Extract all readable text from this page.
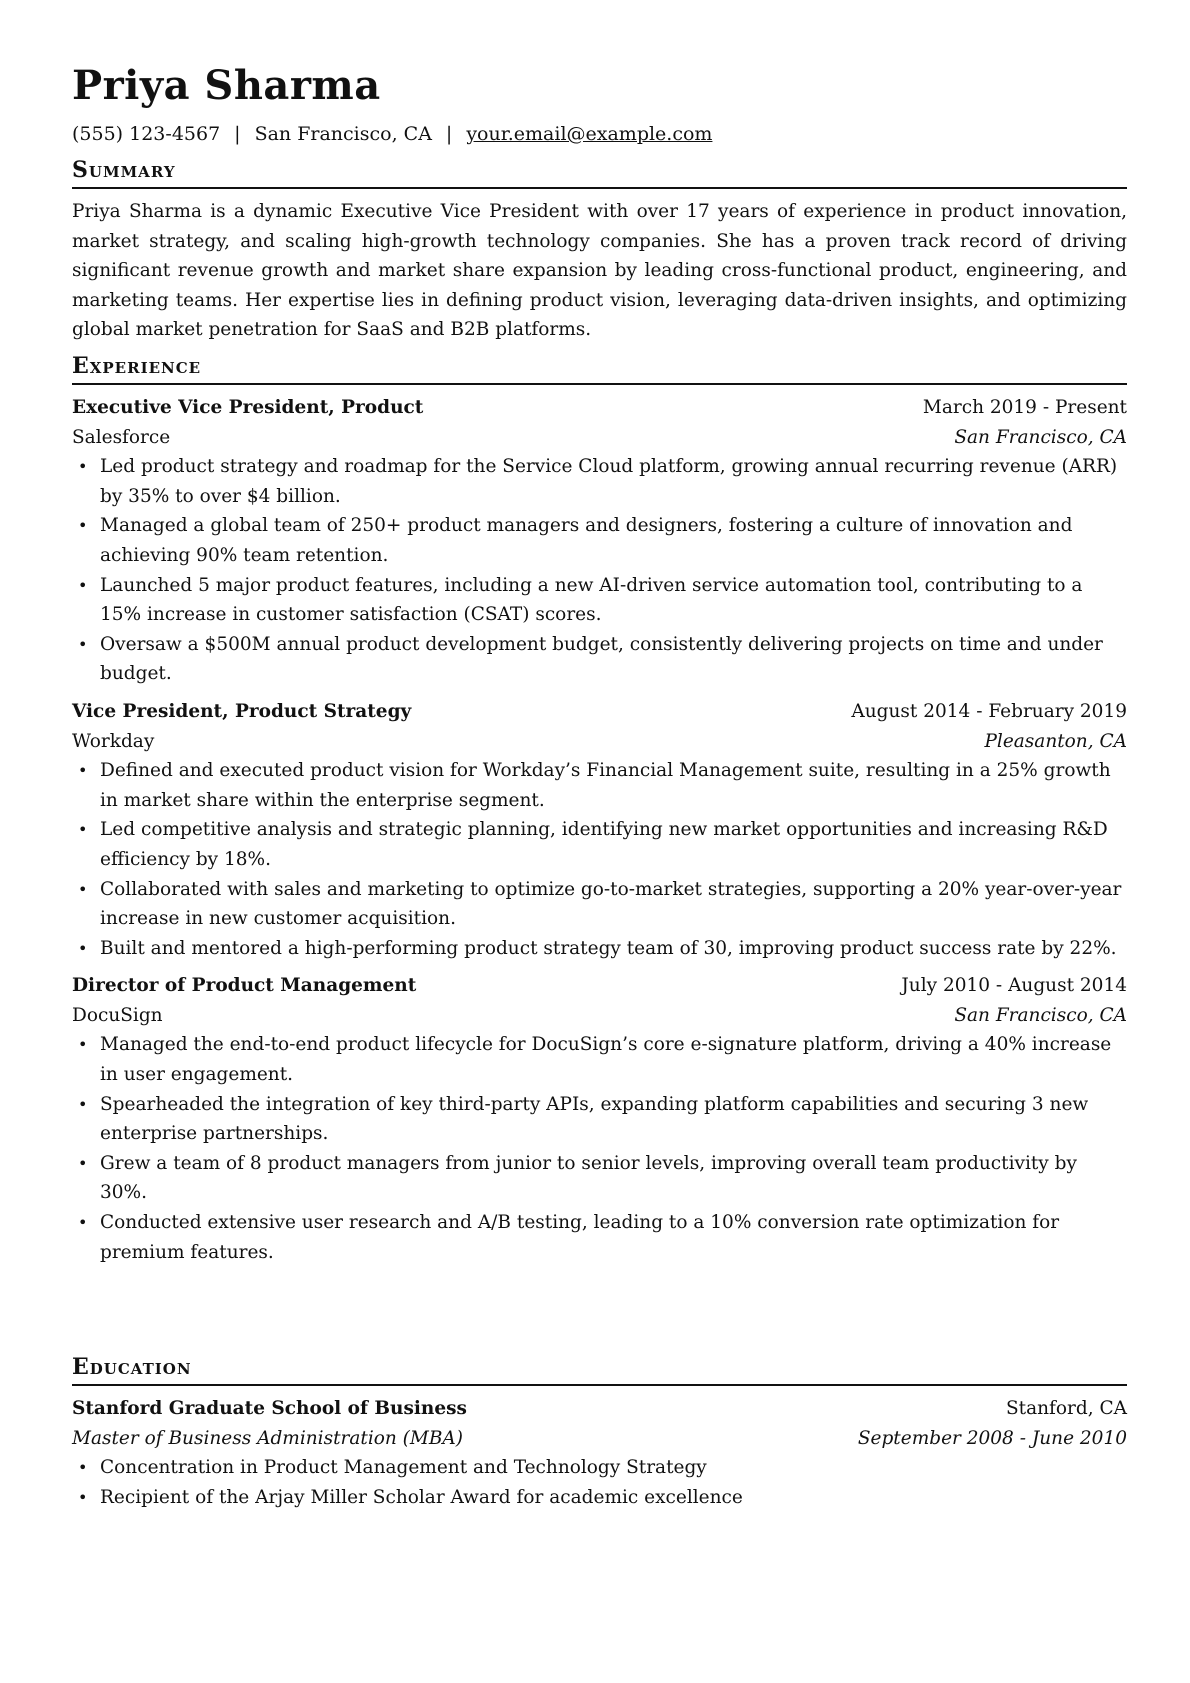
Priya Sharma
(555) 123-4567 | San Francisco, CA | your.email@example.com
Summary
Priya Sharma is a dynamic Executive Vice President with over 17 years of experience in product innovation, market strategy, and scaling high-growth technology companies. She has a proven track record of driving significant revenue growth and market share expansion by leading cross-functional product, engineering, and marketing teams. Her expertise lies in defining product vision, leveraging data-driven insights, and optimizing global market penetration for SaaS and B2B platforms.
Experience
Executive Vice President, Product	March 2019 - Present
Salesforce	San Francisco, CA
• Led product strategy and roadmap for the Service Cloud platform, growing annual recurring revenue (ARR) by 35% to over $4 billion.
• Managed a global team of 250+ product managers and designers, fostering a culture of innovation and achieving 90% team retention.
• Launched 5 major product features, including a new AI-driven service automation tool, contributing to a 15% increase in customer satisfaction (CSAT) scores.
• Oversaw a $500M annual product development budget, consistently delivering projects on time and under budget.
Vice President, Product Strategy	August 2014 - February 2019
Workday	Pleasanton, CA
• Defined and executed product vision for Workday’s Financial Management suite, resulting in a 25% growth in market share within the enterprise segment.
• Led competitive analysis and strategic planning, identifying new market opportunities and increasing R&D efficiency by 18%.
• Collaborated with sales and marketing to optimize go-to-market strategies, supporting a 20% year-over-year increase in new customer acquisition.
• Built and mentored a high-performing product strategy team of 30, improving product success rate by 22%.
Director of Product Management	July 2010 - August 2014
DocuSign	San Francisco, CA
• Managed the end-to-end product lifecycle for DocuSign’s core e-signature platform, driving a 40% increase in user engagement.
• Spearheaded the integration of key third-party APIs, expanding platform capabilities and securing 3 new enterprise partnerships.
• Grew a team of 8 product managers from junior to senior levels, improving overall team productivity by 30%.
• Conducted extensive user research and A/B testing, leading to a 10% conversion rate optimization for premium features.
Education
Stanford Graduate School of Business	Stanford, CA
Master of Business Administration (MBA)	September 2008 - June 2010
• Concentration in Product Management and Technology Strategy
• Recipient of the Arjay Miller Scholar Award for academic excellence
